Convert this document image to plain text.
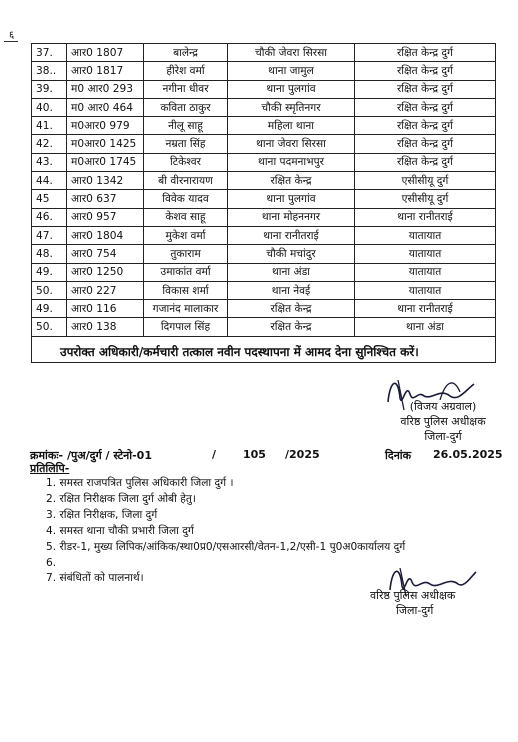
६
37.	आर0 1807	बालेन्द्र	चौकी जेवरा सिरसा	रक्षित केन्द्र दुर्ग
38..	आर0 1817	हीरेश वर्मा	थाना जामुल	रक्षित केन्द्र दुर्ग
39.	म0 आर0 293	नगीना धीवर	थाना पुलगांव	रक्षित केन्द्र दुर्ग
40.	म0 आर0 464	कविता ठाकुर	चौकी स्मृतिनगर	रक्षित केन्द्र दुर्ग
41.	म0आर0 979	नीलू साहू	महिला थाना	रक्षित केन्द्र दुर्ग
42.	म0आर0 1425	नम्रता सिंह	थाना जेवरा सिरसा	रक्षित केन्द्र दुर्ग
43.	म0आर0 1745	टिकेश्वर	थाना पदमनाभपुर	रक्षित केन्द्र दुर्ग
44.	आर0 1342	बी वीरनारायण	रक्षित केन्द्र	एसीसीयू दुर्ग
45	आर0 637	विवेक यादव	थाना पुलगांव	एसीसीयू दुर्ग
46.	आर0 957	केशव साहू	थाना मोहननगर	थाना रानीतराई
47.	आर0 1804	मुकेश वर्मा	थाना रानीतराई	यातायात
48.	आर0 754	तुकाराम	चौकी मचांदुर	यातायात
49.	आर0 1250	उमाकांत वर्मा	थाना अंडा	यातायात
50.	आर0 227	विकास शर्मा	थाना नेवई	यातायात
49.	आर0 116	गजानंद मालाकार	रक्षित केन्द्र	थाना रानीतराई
50.	आर0 138	दिगपाल सिंह	रक्षित केन्द्र	थाना अंडा
उपरोक्त अधिकारी/कर्मचारी तत्काल नवीन पदस्थापना में आमद देना सुनिश्चित करें।
(विजय अग्रवाल)
वरिष्ठ पुलिस अधीक्षक
जिला-दुर्ग
क्रमांकः- /पुअ/दुर्ग / स्टेनो-01	/ 105 /2025	दिनांक 26.05.2025
प्रतिलिपि-
1. समस्त राजपत्रित पुलिस अधिकारी जिला दुर्ग ।
2. रक्षित निरीक्षक जिला दुर्ग ओबी हेतु।
3. रक्षित निरीक्षक, जिला दुर्ग
4. समस्त थाना चौकी प्रभारी जिला दुर्ग
5. रीडर-1, मुख्य लिपिक/आंकिक/स्था0प्र0/एसआरसी/वेतन-1,2/एसी-1 पु0अ0कार्यालय दुर्ग
6.
7. संबंधितों को पालनार्थ।
वरिष्ठ पुलिस अधीक्षक
जिला-दुर्ग
